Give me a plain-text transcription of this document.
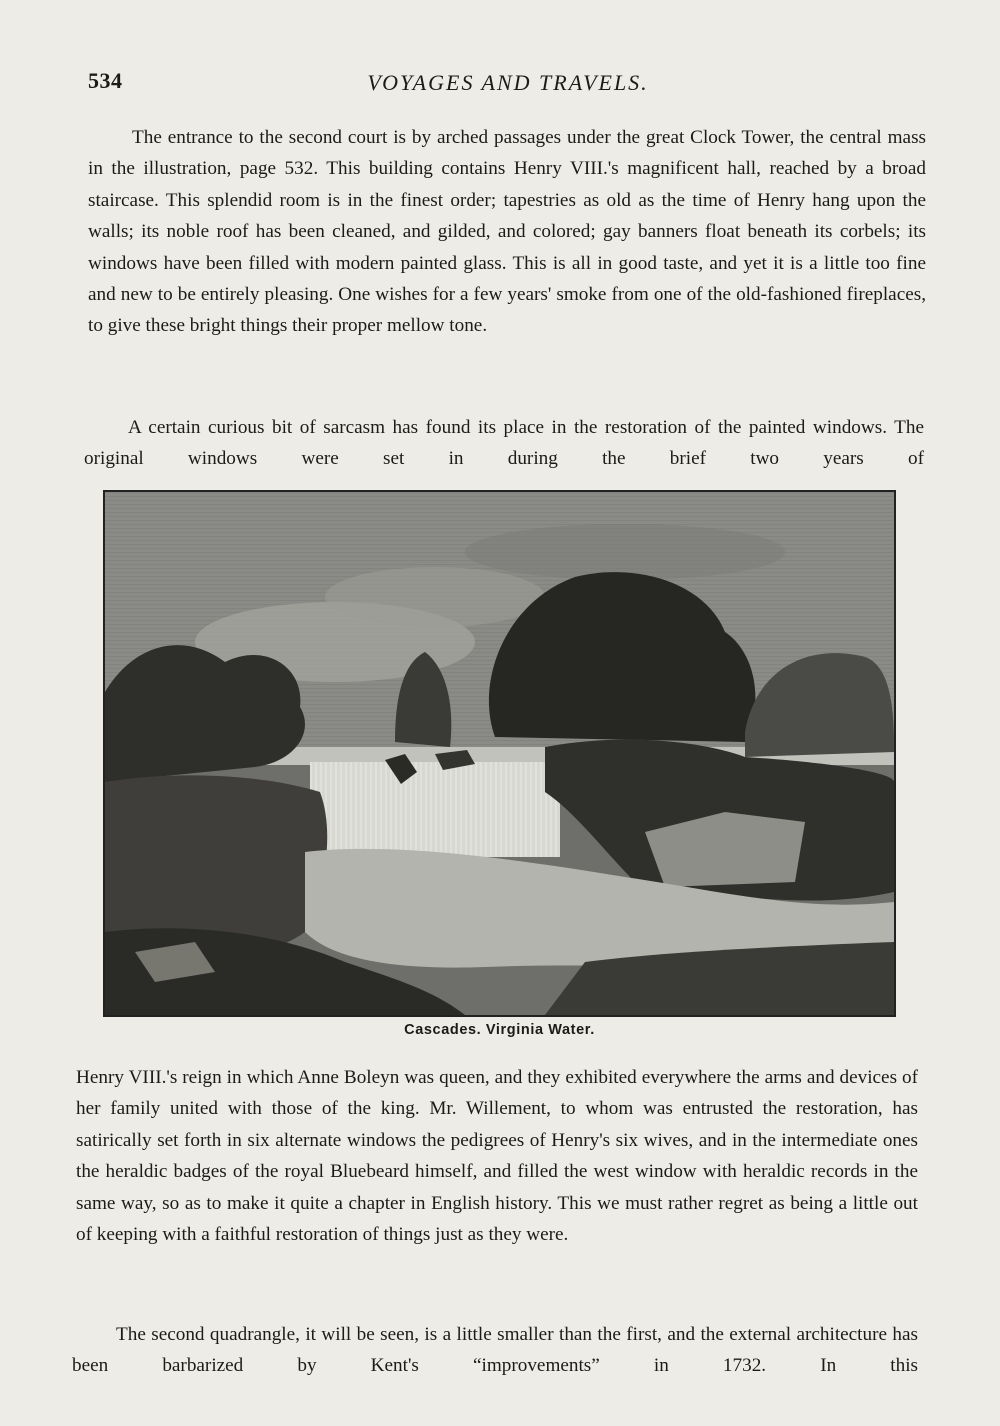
534	VOYAGES AND TRAVELS.

The entrance to the second court is by arched passages under the great Clock Tower, the central mass in the illustration, page 532. This building contains Henry VIII.'s magnificent hall, reached by a broad staircase. This splendid room is in the finest order; tapestries as old as the time of Henry hang upon the walls; its noble roof has been cleaned, and gilded, and colored; gay banners float beneath its corbels; its windows have been filled with modern painted glass. This is all in good taste, and yet it is a little too fine and new to be entirely pleasing. One wishes for a few years' smoke from one of the old-fashioned fireplaces, to give these bright things their proper mellow tone.

A certain curious bit of sarcasm has found its place in the restoration of the painted windows. The original windows were set in during the brief two years of

Cascades. Virginia Water.

Henry VIII.'s reign in which Anne Boleyn was queen, and they exhibited everywhere the arms and devices of her family united with those of the king. Mr. Willement, to whom was entrusted the restoration, has satirically set forth in six alternate windows the pedigrees of Henry's six wives, and in the intermediate ones the heraldic badges of the royal Bluebeard himself, and filled the west window with heraldic records in the same way, so as to make it quite a chapter in English history. This we must rather regret as being a little out of keeping with a faithful restoration of things just as they were.

The second quadrangle, it will be seen, is a little smaller than the first, and the external architecture has been barbarized by Kent's “improvements” in 1732. In this
